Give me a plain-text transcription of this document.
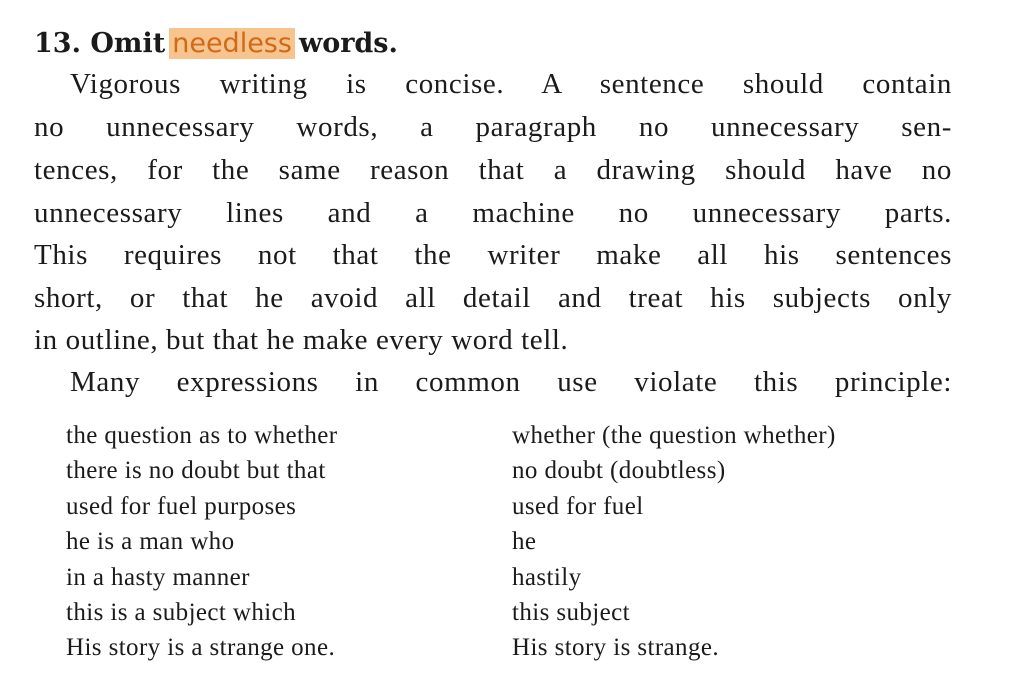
13. Omit needless words.
Vigorous writing is concise. A sentence should contain
no unnecessary words, a paragraph no unnecessary sen-
tences, for the same reason that a drawing should have no
unnecessary lines and a machine no unnecessary parts.
This requires not that the writer make all his sentences
short, or that he avoid all detail and treat his subjects only
in outline, but that he make every word tell.
Many expressions in common use violate this principle:
the question as to whether	whether (the question whether)
there is no doubt but that	no doubt (doubtless)
used for fuel purposes	used for fuel
he is a man who	he
in a hasty manner	hastily
this is a subject which	this subject
His story is a strange one.	His story is strange.
